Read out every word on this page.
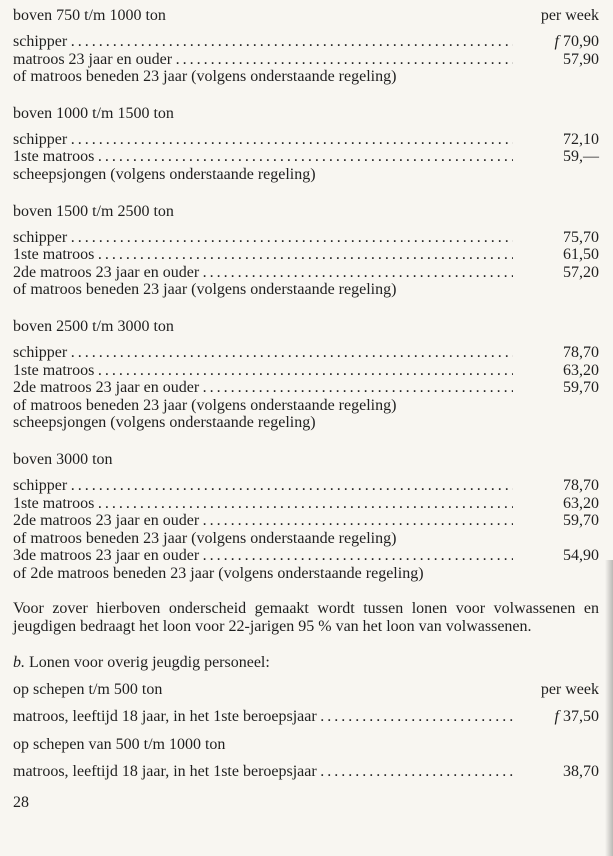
boven 750 t/m 1000 ton	per week
schipper . . .	f 70,90
matroos 23 jaar en ouder . . .	57,90
of matroos beneden 23 jaar (volgens onderstaande regeling)
boven 1000 t/m 1500 ton
schipper . . .	72,10
1ste matroos . . .	59,—
scheepsjongen (volgens onderstaande regeling)
boven 1500 t/m 2500 ton
schipper . . .	75,70
1ste matroos . . .	61,50
2de matroos 23 jaar en ouder . . .	57,20
of matroos beneden 23 jaar (volgens onderstaande regeling)
boven 2500 t/m 3000 ton
schipper . . .	78,70
1ste matroos . . .	63,20
2de matroos 23 jaar en ouder . . .	59,70
of matroos beneden 23 jaar (volgens onderstaande regeling)
scheepsjongen (volgens onderstaande regeling)
boven 3000 ton
schipper . . .	78,70
1ste matroos . . .	63,20
2de matroos 23 jaar en ouder . . .	59,70
of matroos beneden 23 jaar (volgens onderstaande regeling)
3de matroos 23 jaar en ouder . . .	54,90
of 2de matroos beneden 23 jaar (volgens onderstaande regeling)
Voor zover hierboven onderscheid gemaakt wordt tussen lonen voor volwassenen en jeugdigen bedraagt het loon voor 22-jarigen 95 % van het loon van volwassenen.
b. Lonen voor overig jeugdig personeel:
op schepen t/m 500 ton	per week
matroos, leeftijd 18 jaar, in het 1ste beroepsjaar . . .	f 37,50
op schepen van 500 t/m 1000 ton
matroos, leeftijd 18 jaar, in het 1ste beroepsjaar . . .	38,70
28
